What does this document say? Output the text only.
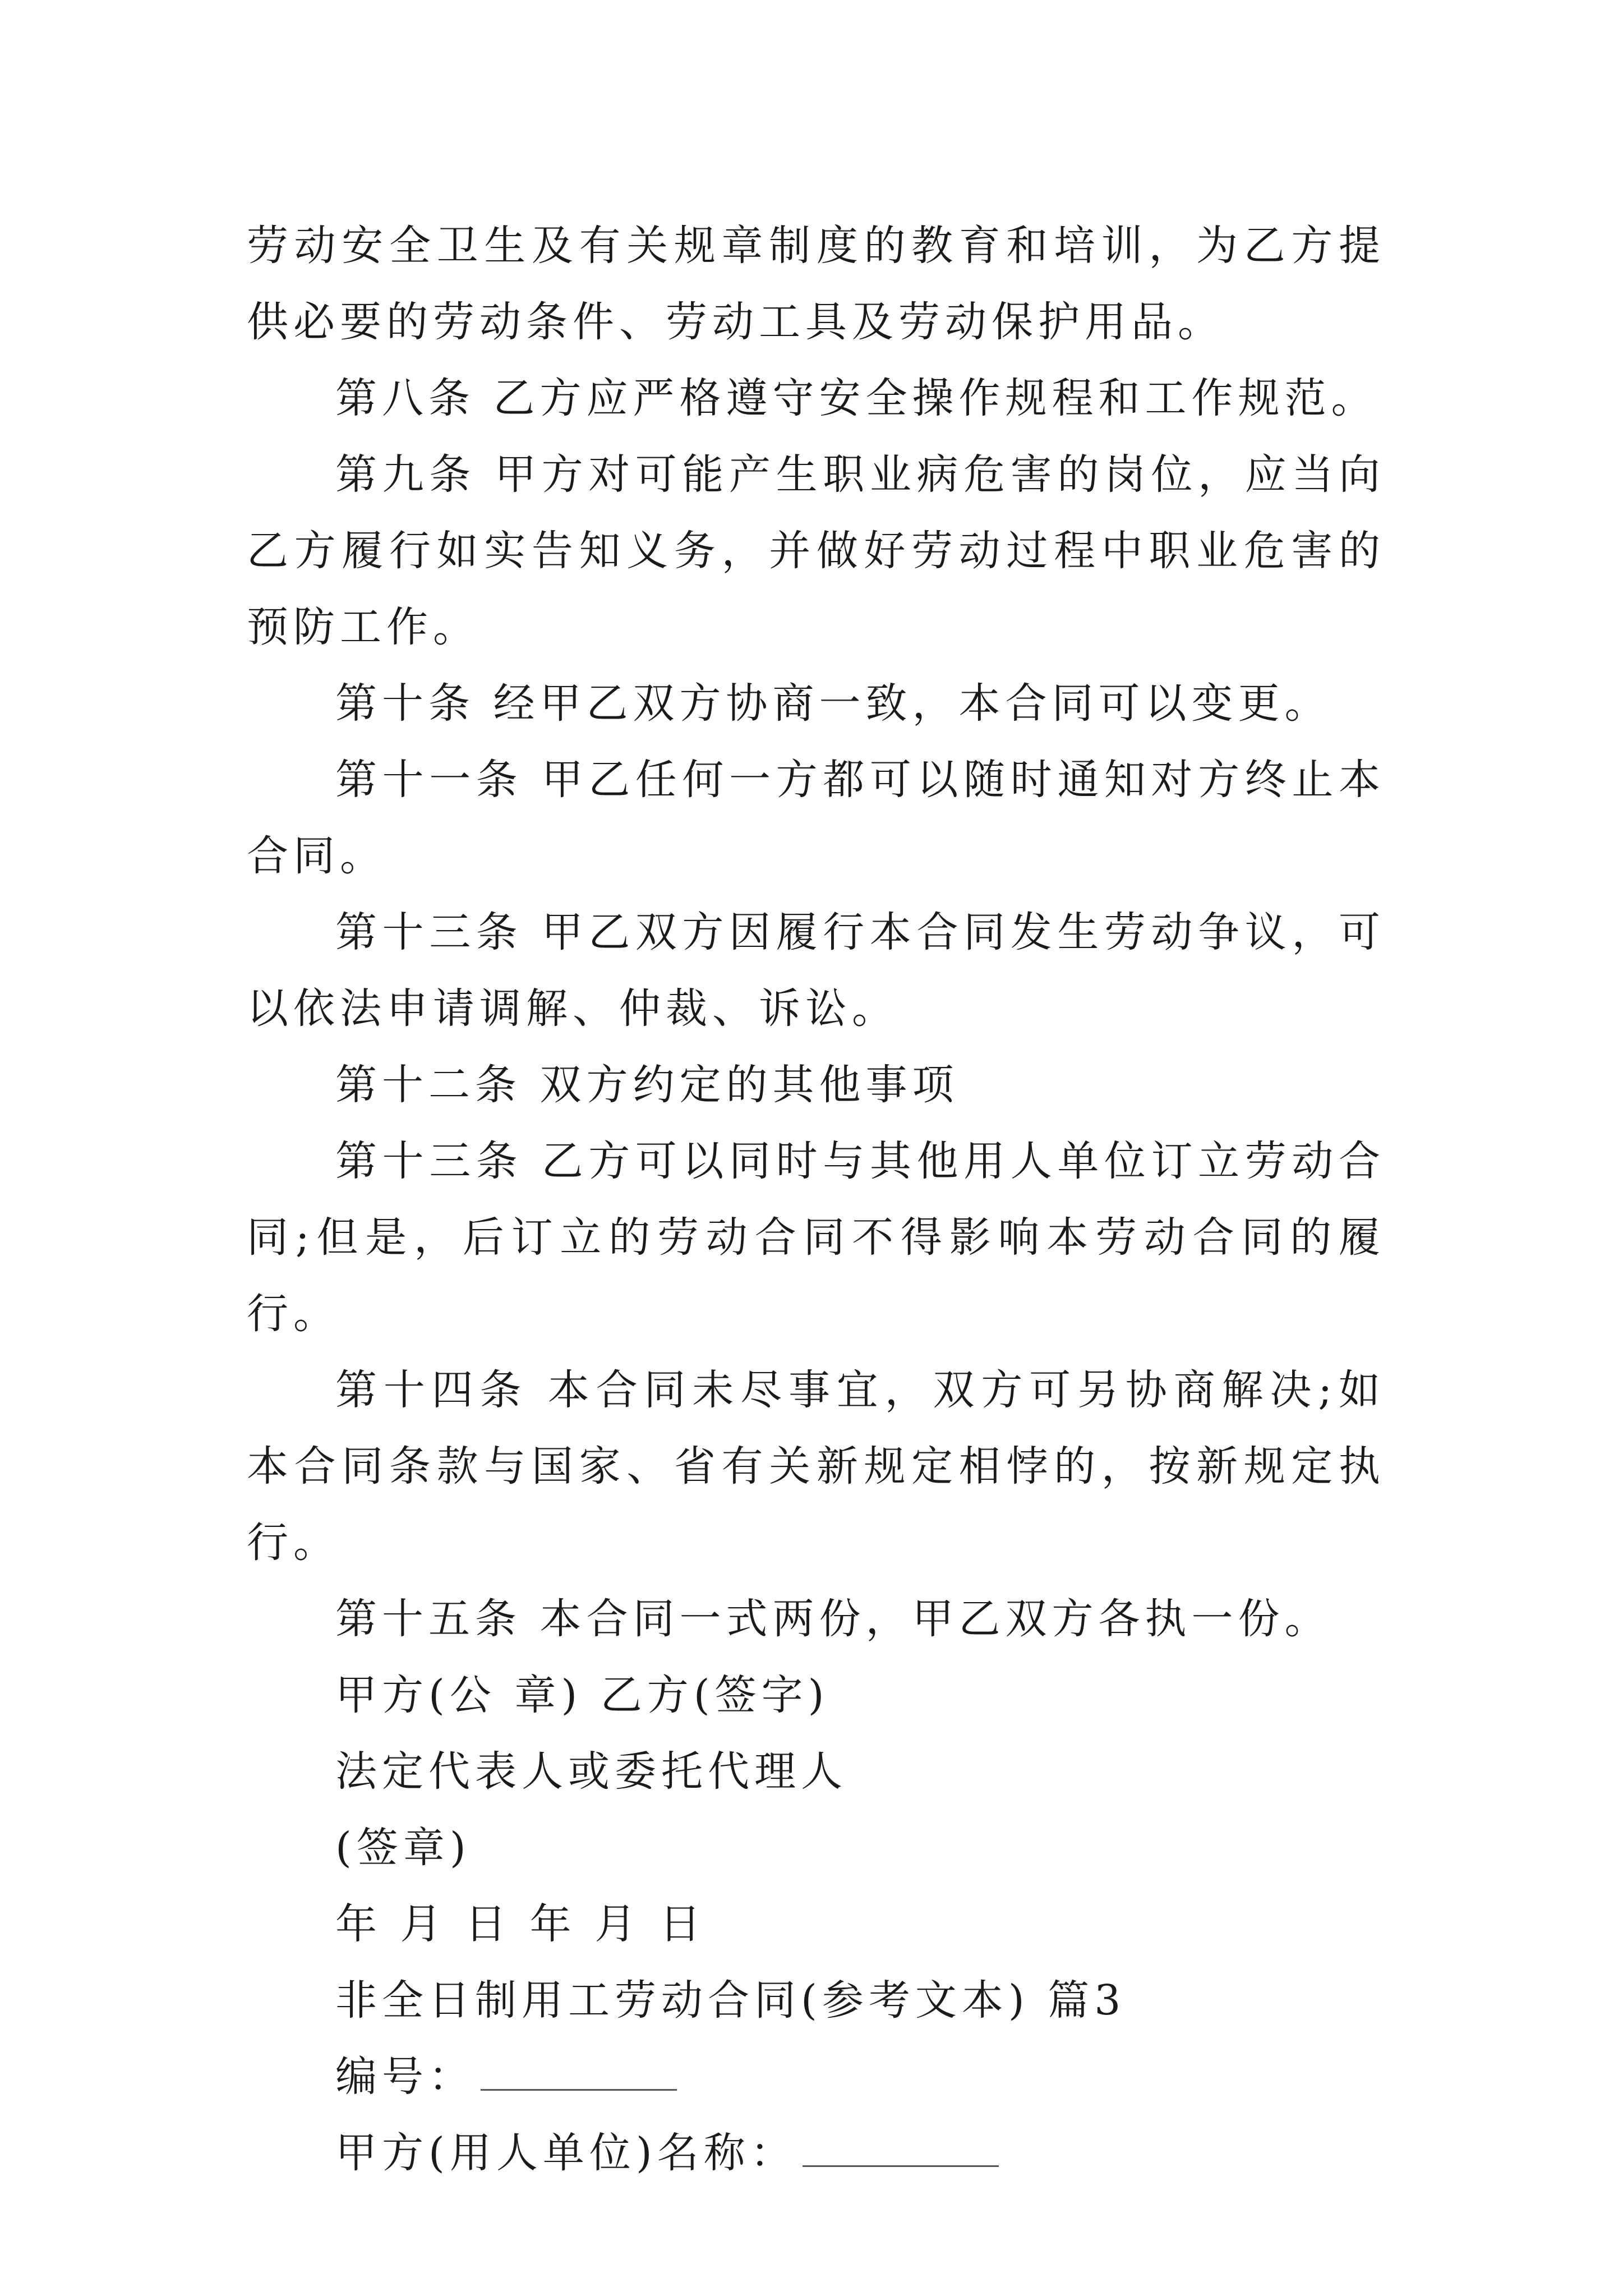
劳动安全卫生及有关规章制度的教育和培训，为乙方提供必要的劳动条件、劳动工具及劳动保护用品。

第八条 乙方应严格遵守安全操作规程和工作规范。

第九条 甲方对可能产生职业病危害的岗位，应当向乙方履行如实告知义务，并做好劳动过程中职业危害的预防工作。

第十条 经甲乙双方协商一致，本合同可以变更。

第十一条 甲乙任何一方都可以随时通知对方终止本合同。

第十三条 甲乙双方因履行本合同发生劳动争议，可以依法申请调解、仲裁、诉讼。

第十二条 双方约定的其他事项

第十三条 乙方可以同时与其他用人单位订立劳动合同;但是，后订立的劳动合同不得影响本劳动合同的履行。

第十四条 本合同未尽事宜，双方可另协商解决;如本合同条款与国家、省有关新规定相悖的，按新规定执行。

第十五条 本合同一式两份，甲乙双方各执一份。

甲方(公 章) 乙方(签字)

法定代表人或委托代理人

(签章)

年 月 日 年 月 日

非全日制用工劳动合同(参考文本) 篇3

编号：

甲方(用人单位)名称：
